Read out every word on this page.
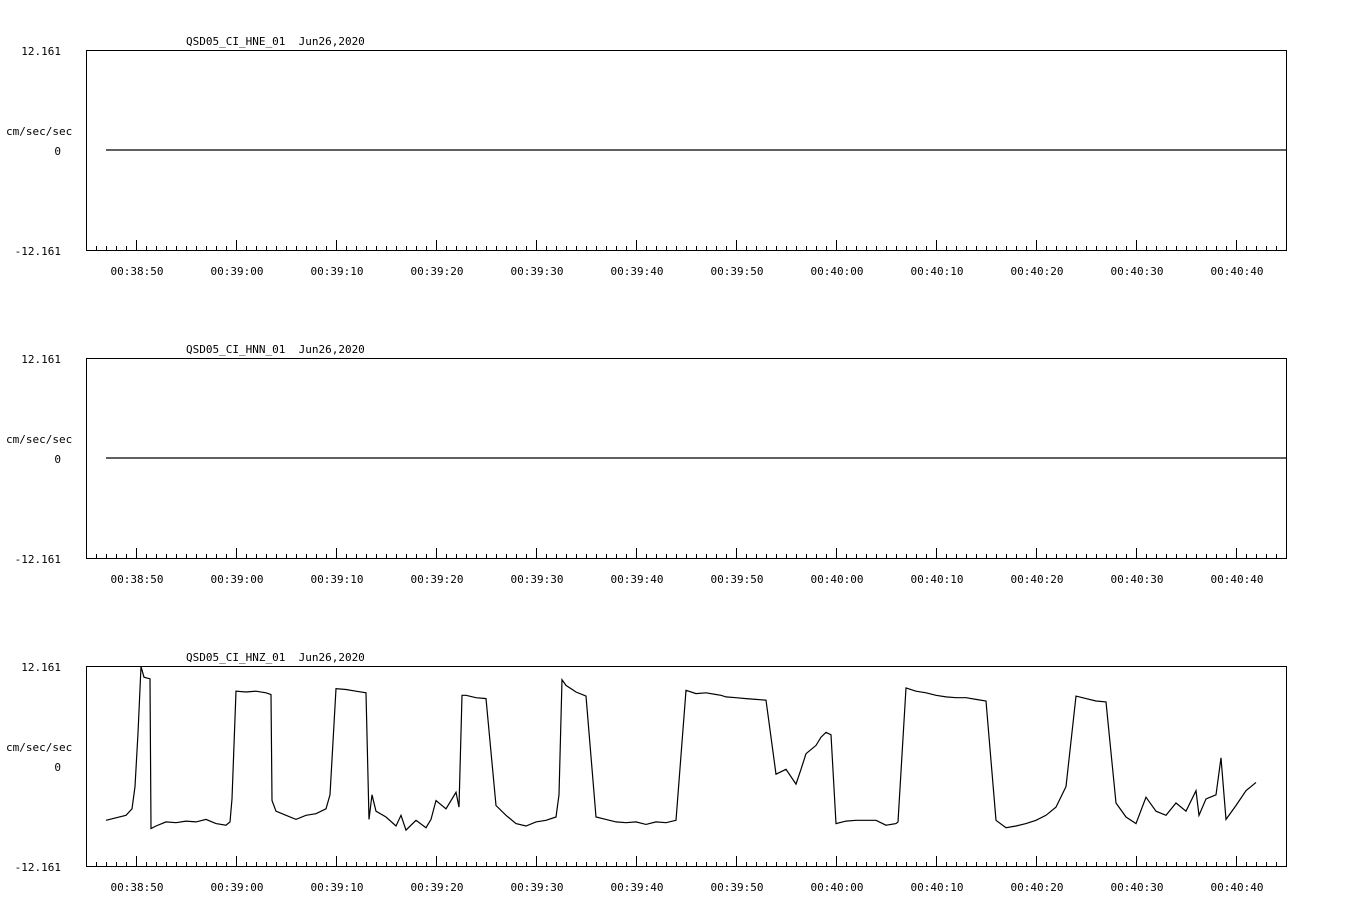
QSD05_CI_HNE_01  Jun26,2020
cm/sec/sec
12.161
0
-12.161
00:38:50	00:39:00	00:39:10	00:39:20	00:39:30	00:39:40	00:39:50	00:40:00	00:40:10	00:40:20	00:40:30	00:40:40
QSD05_CI_HNN_01  Jun26,2020
cm/sec/sec
12.161
0
-12.161
00:38:50	00:39:00	00:39:10	00:39:20	00:39:30	00:39:40	00:39:50	00:40:00	00:40:10	00:40:20	00:40:30	00:40:40
QSD05_CI_HNZ_01  Jun26,2020
cm/sec/sec
12.161
0
-12.161
00:38:50	00:39:00	00:39:10	00:39:20	00:39:30	00:39:40	00:39:50	00:40:00	00:40:10	00:40:20	00:40:30	00:40:40
